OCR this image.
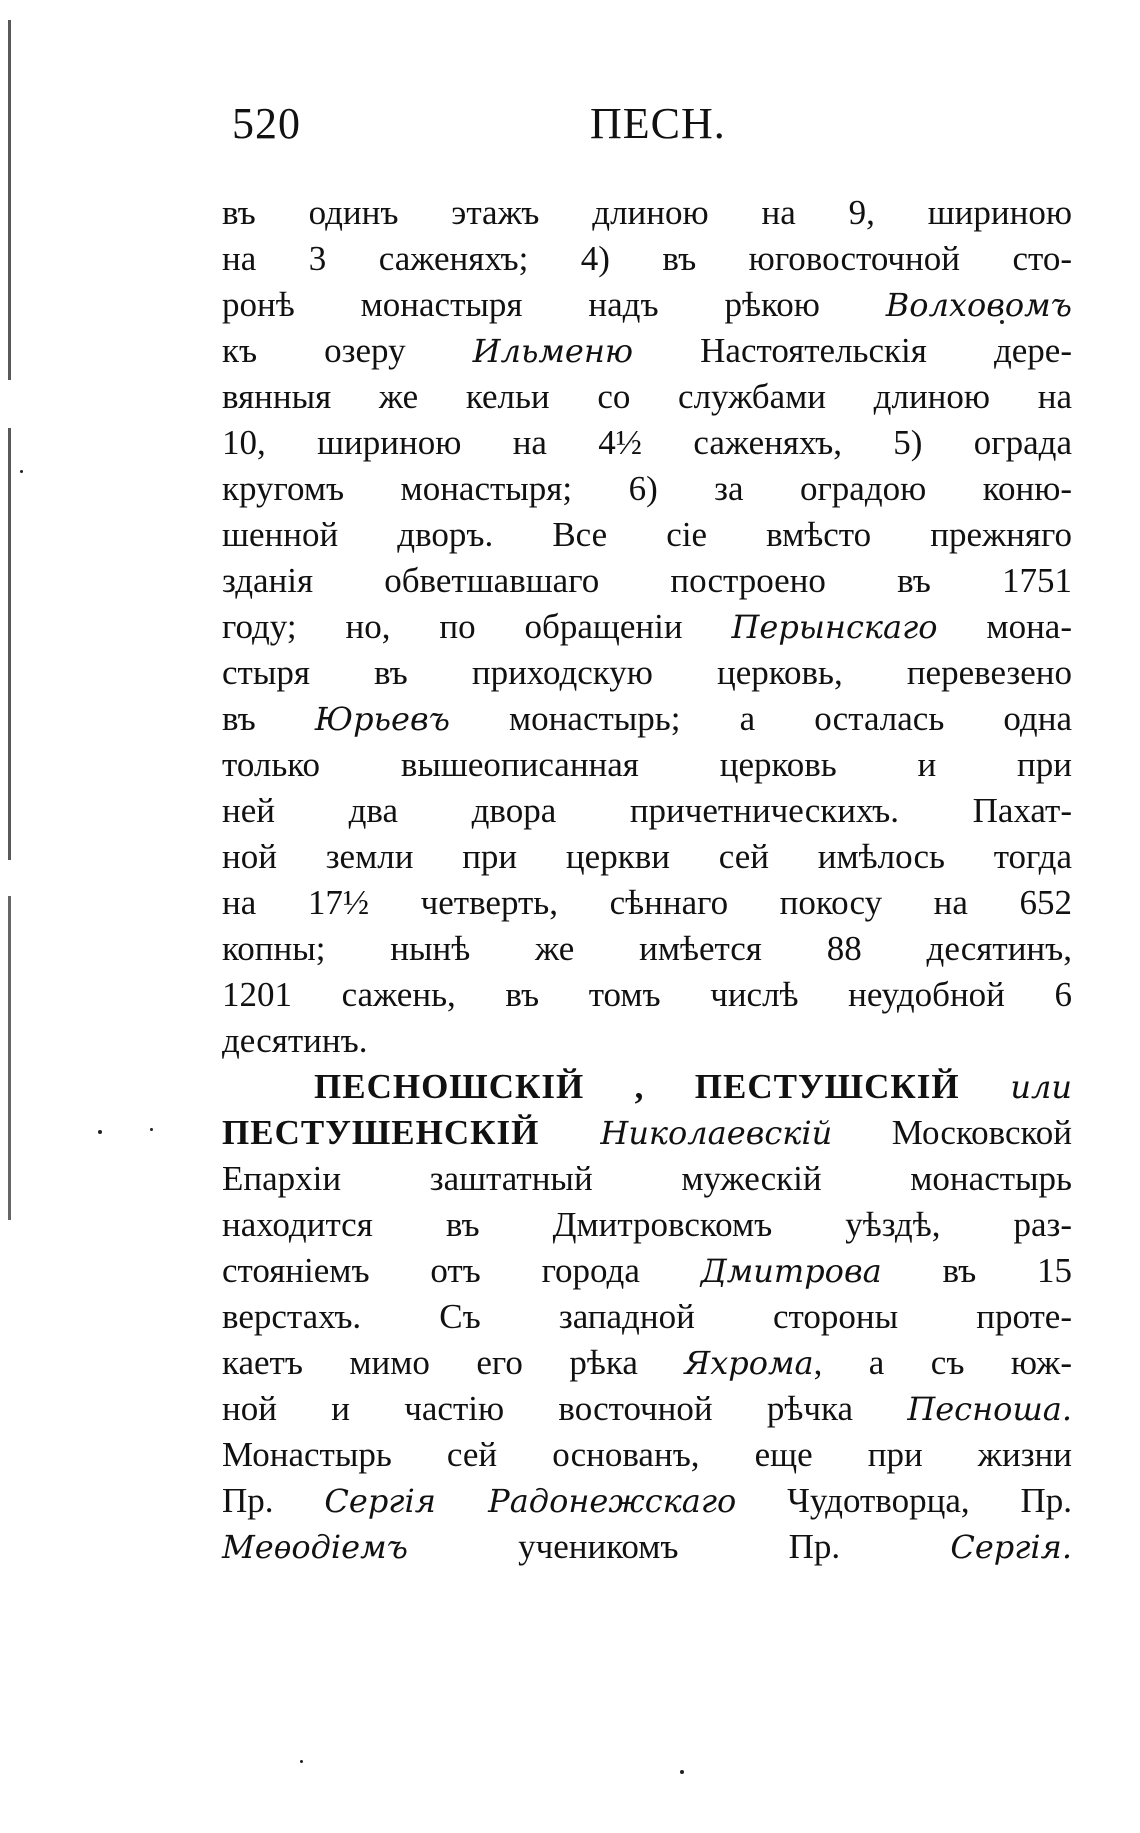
520	ПЕСН.
въ одинъ этажъ длиною на 9, шириною
на 3 саженяхъ; 4) въ юговосточной сто-
ронѣ монастыря надъ рѣкою Волховомъ
къ озеру Ильменю Настоятельскія дере-
вянныя же кельи со службами длиною на
10, шириною на 4½ саженяхъ, 5) ограда
кругомъ монастыря; 6) за оградою коню-
шенной дворъ. Все сіе вмѣсто прежняго
зданія обветшавшаго построено въ 1751
году; но, по обращеніи Перынскаго мона-
стыря въ приходскую церковь, перевезено
въ Юрьевъ монастырь; а осталась одна
только вышеописанная церковь и при
ней два двора причетническихъ. Пахат-
ной земли при церкви сей имѣлось тогда
на 17½ четверть, сѣннаго покосу на 652
копны; нынѣ же имѣется 88 десятинъ,
1201 сажень, въ томъ числѣ неудобной 6
десятинъ.
ПЕСНОШСКІЙ , ПЕСТУШСКІЙ или
ПЕСТУШЕНСКІЙ Николаевскій Московской
Епархіи заштатный мужескій монастырь
находится въ Дмитровскомъ уѣздѣ, раз-
стояніемъ отъ города Дмитрова въ 15
верстахъ. Съ западной стороны проте-
каетъ мимо его рѣка Яхрома, а съ юж-
ной и частію восточной рѣчка Песноша.
Монастырь сей основанъ, еще при жизни
Пр. Сергія Радонежскаго Чудотворца, Пр.
Меѳодіемъ ученикомъ Пр. Сергія.
